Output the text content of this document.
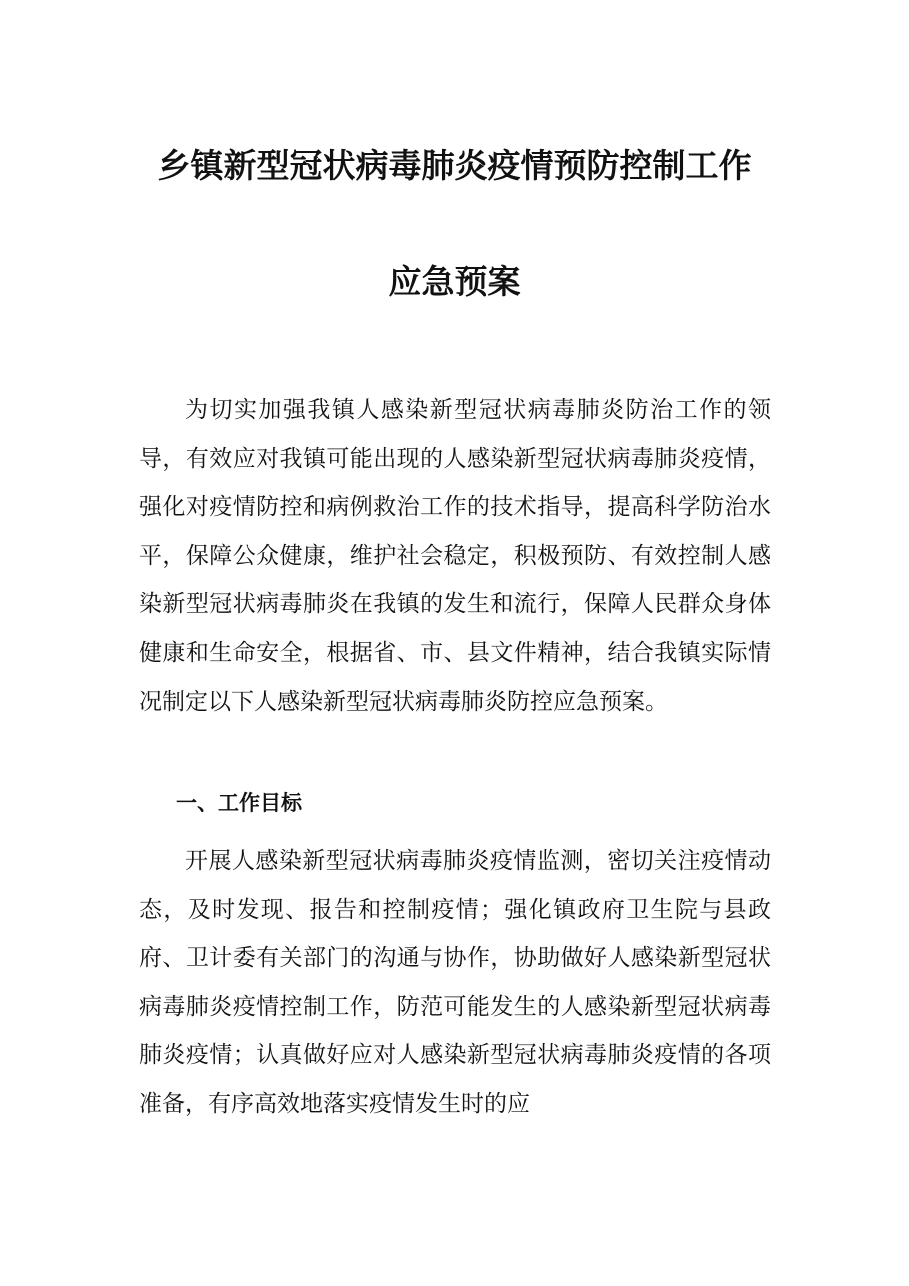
乡镇新型冠状病毒肺炎疫情预防控制工作
应急预案

为切实加强我镇人感染新型冠状病毒肺炎防治工作的领导，有效应对我镇可能出现的人感染新型冠状病毒肺炎疫情，强化对疫情防控和病例救治工作的技术指导，提高科学防治水平，保障公众健康，维护社会稳定，积极预防、有效控制人感染新型冠状病毒肺炎在我镇的发生和流行，保障人民群众身体健康和生命安全，根据省、市、县文件精神，结合我镇实际情况制定以下人感染新型冠状病毒肺炎防控应急预案。

一、工作目标

开展人感染新型冠状病毒肺炎疫情监测，密切关注疫情动态，及时发现、报告和控制疫情；强化镇政府卫生院与县政府、卫计委有关部门的沟通与协作，协助做好人感染新型冠状病毒肺炎疫情控制工作，防范可能发生的人感染新型冠状病毒肺炎疫情；认真做好应对人感染新型冠状病毒肺炎疫情的各项准备，有序高效地落实疫情发生时的应
